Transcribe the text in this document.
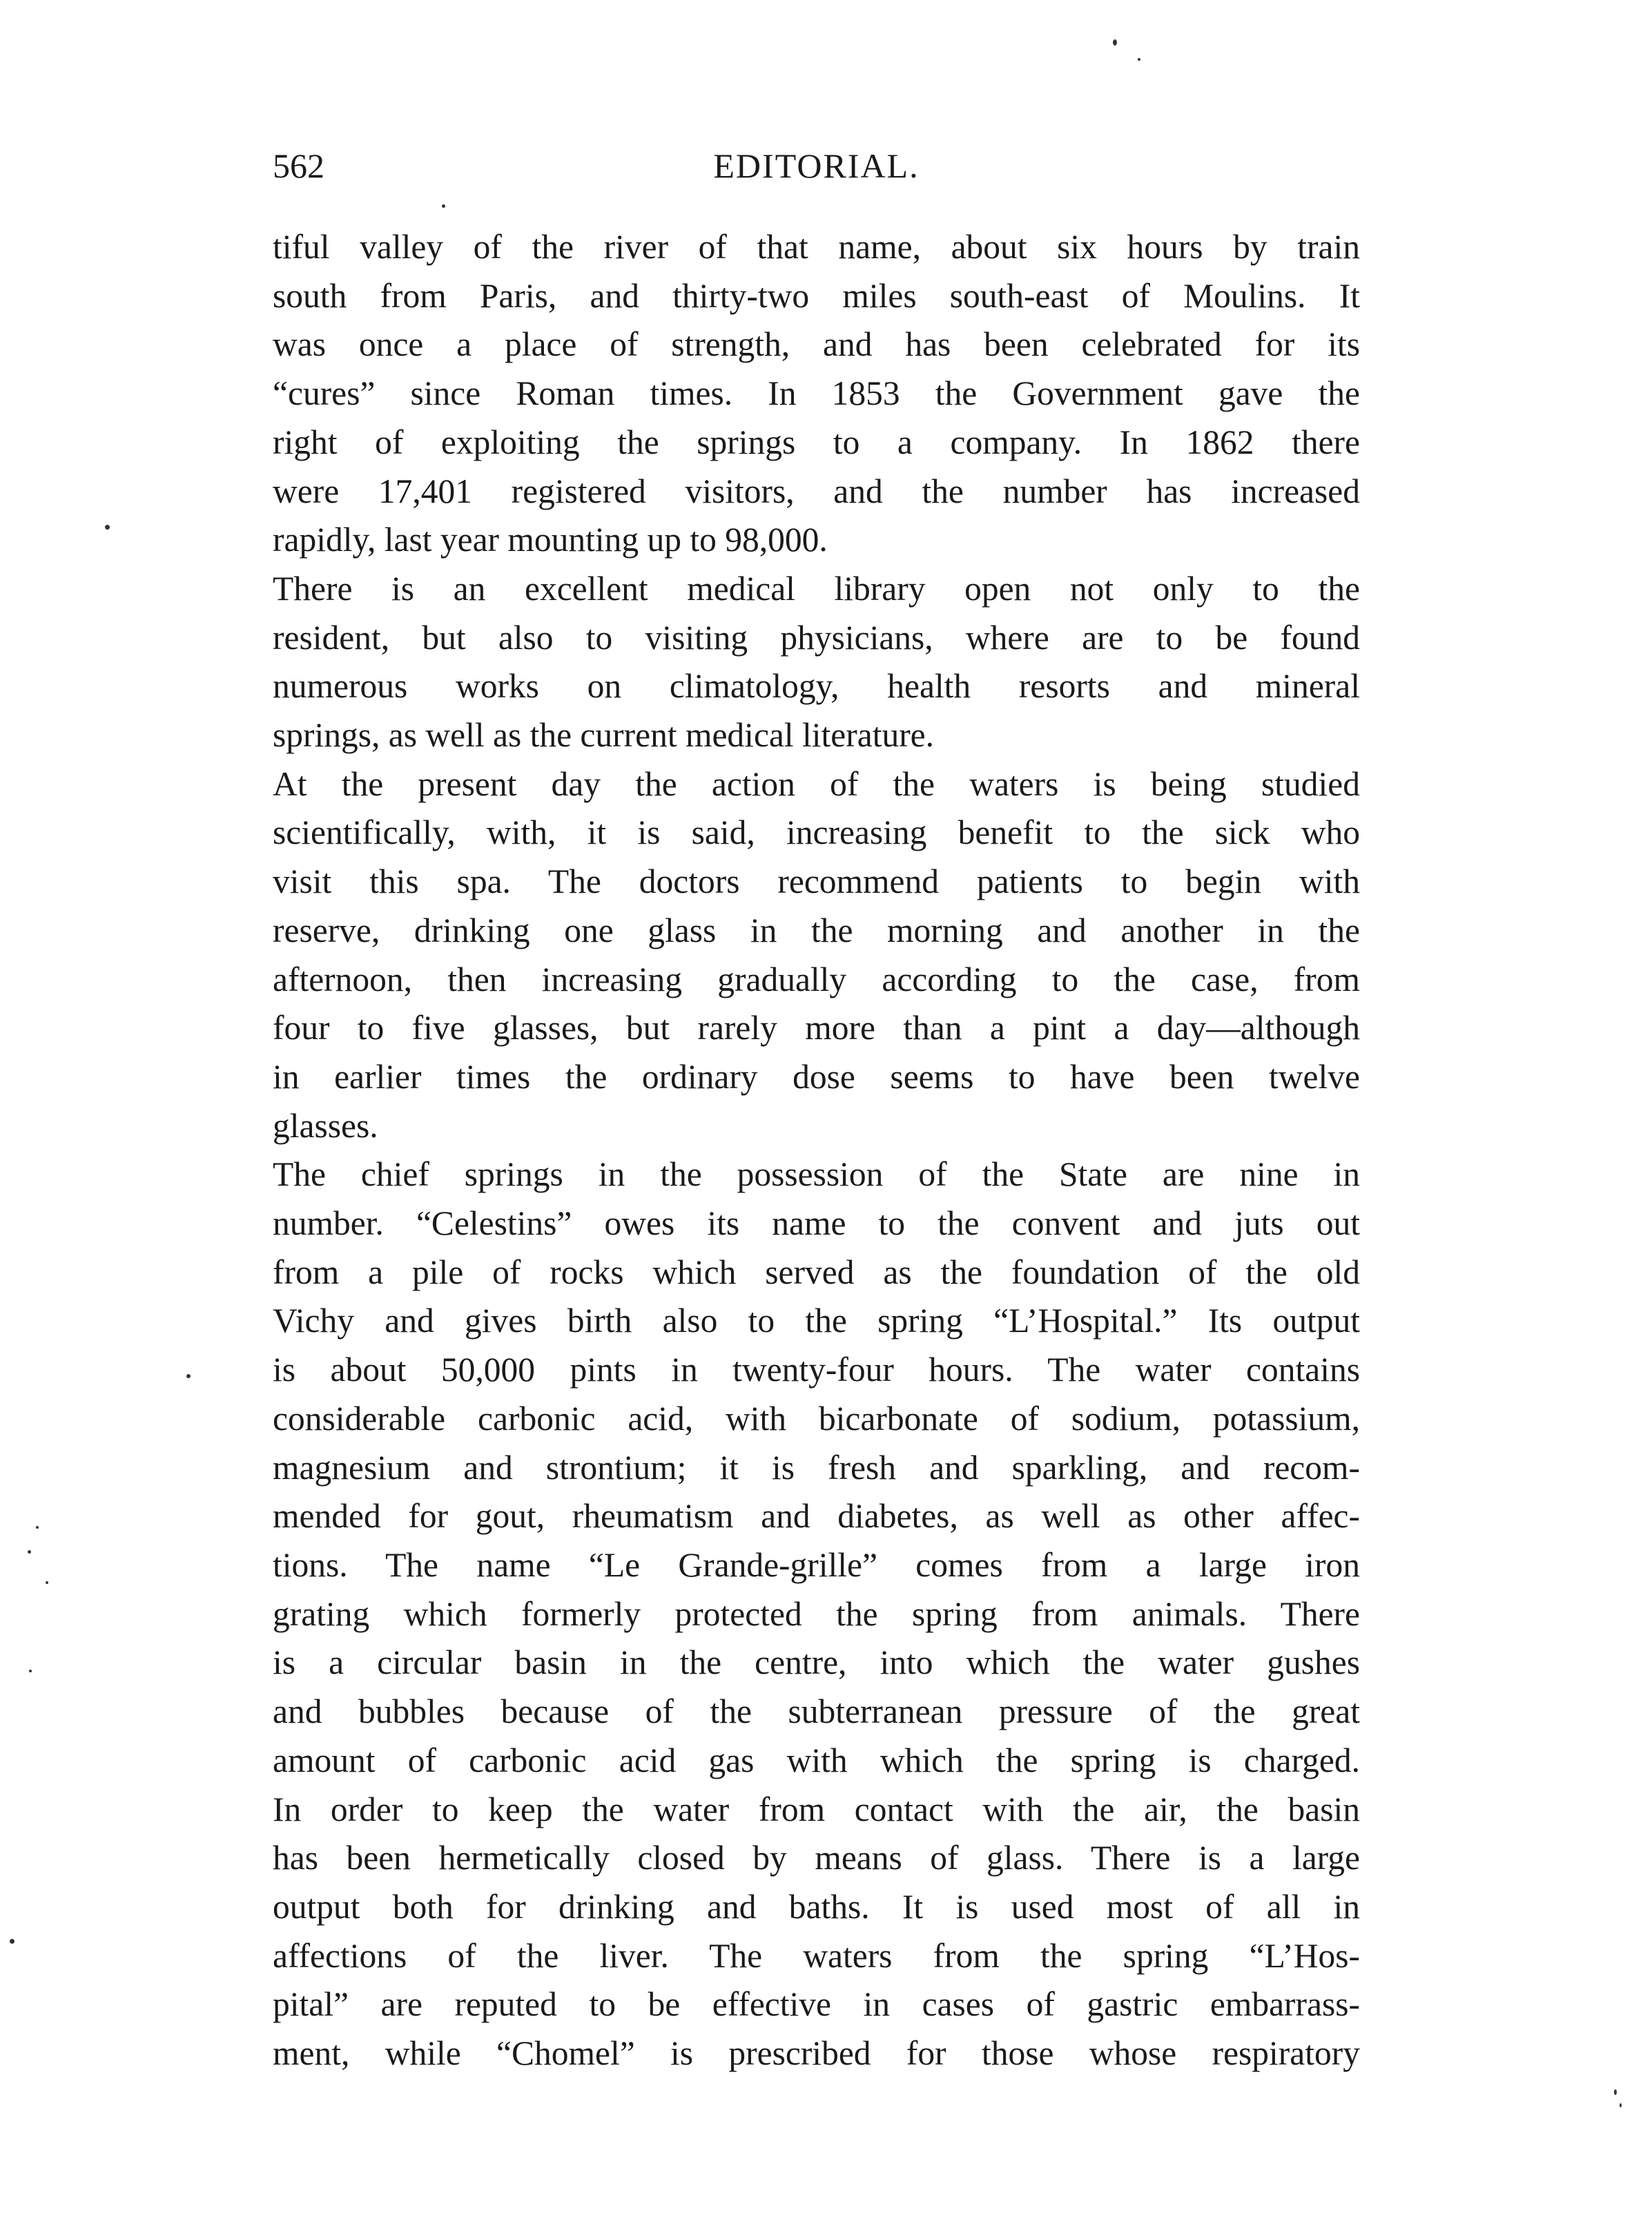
562	EDITORIAL.
tiful valley of the river of that name, about six hours by train
south from Paris, and thirty-two miles south-east of Moulins. It
was once a place of strength, and has been celebrated for its
“cures” since Roman times. In 1853 the Government gave the
right of exploiting the springs to a company. In 1862 there
were 17,401 registered visitors, and the number has increased
rapidly, last year mounting up to 98,000.
There is an excellent medical library open not only to the
resident, but also to visiting physicians, where are to be found
numerous works on climatology, health resorts and mineral
springs, as well as the current medical literature.
At the present day the action of the waters is being studied
scientifically, with, it is said, increasing benefit to the sick who
visit this spa. The doctors recommend patients to begin with
reserve, drinking one glass in the morning and another in the
afternoon, then increasing gradually according to the case, from
four to five glasses, but rarely more than a pint a day—although
in earlier times the ordinary dose seems to have been twelve
glasses.
The chief springs in the possession of the State are nine in
number. “Celestins” owes its name to the convent and juts out
from a pile of rocks which served as the foundation of the old
Vichy and gives birth also to the spring “L’Hospital.” Its output
is about 50,000 pints in twenty-four hours. The water contains
considerable carbonic acid, with bicarbonate of sodium, potassium,
magnesium and strontium; it is fresh and sparkling, and recom-
mended for gout, rheumatism and diabetes, as well as other affec-
tions. The name “Le Grande-grille” comes from a large iron
grating which formerly protected the spring from animals. There
is a circular basin in the centre, into which the water gushes
and bubbles because of the subterranean pressure of the great
amount of carbonic acid gas with which the spring is charged.
In order to keep the water from contact with the air, the basin
has been hermetically closed by means of glass. There is a large
output both for drinking and baths. It is used most of all in
affections of the liver. The waters from the spring “L’Hos-
pital” are reputed to be effective in cases of gastric embarrass-
ment, while “Chomel” is prescribed for those whose respiratory
